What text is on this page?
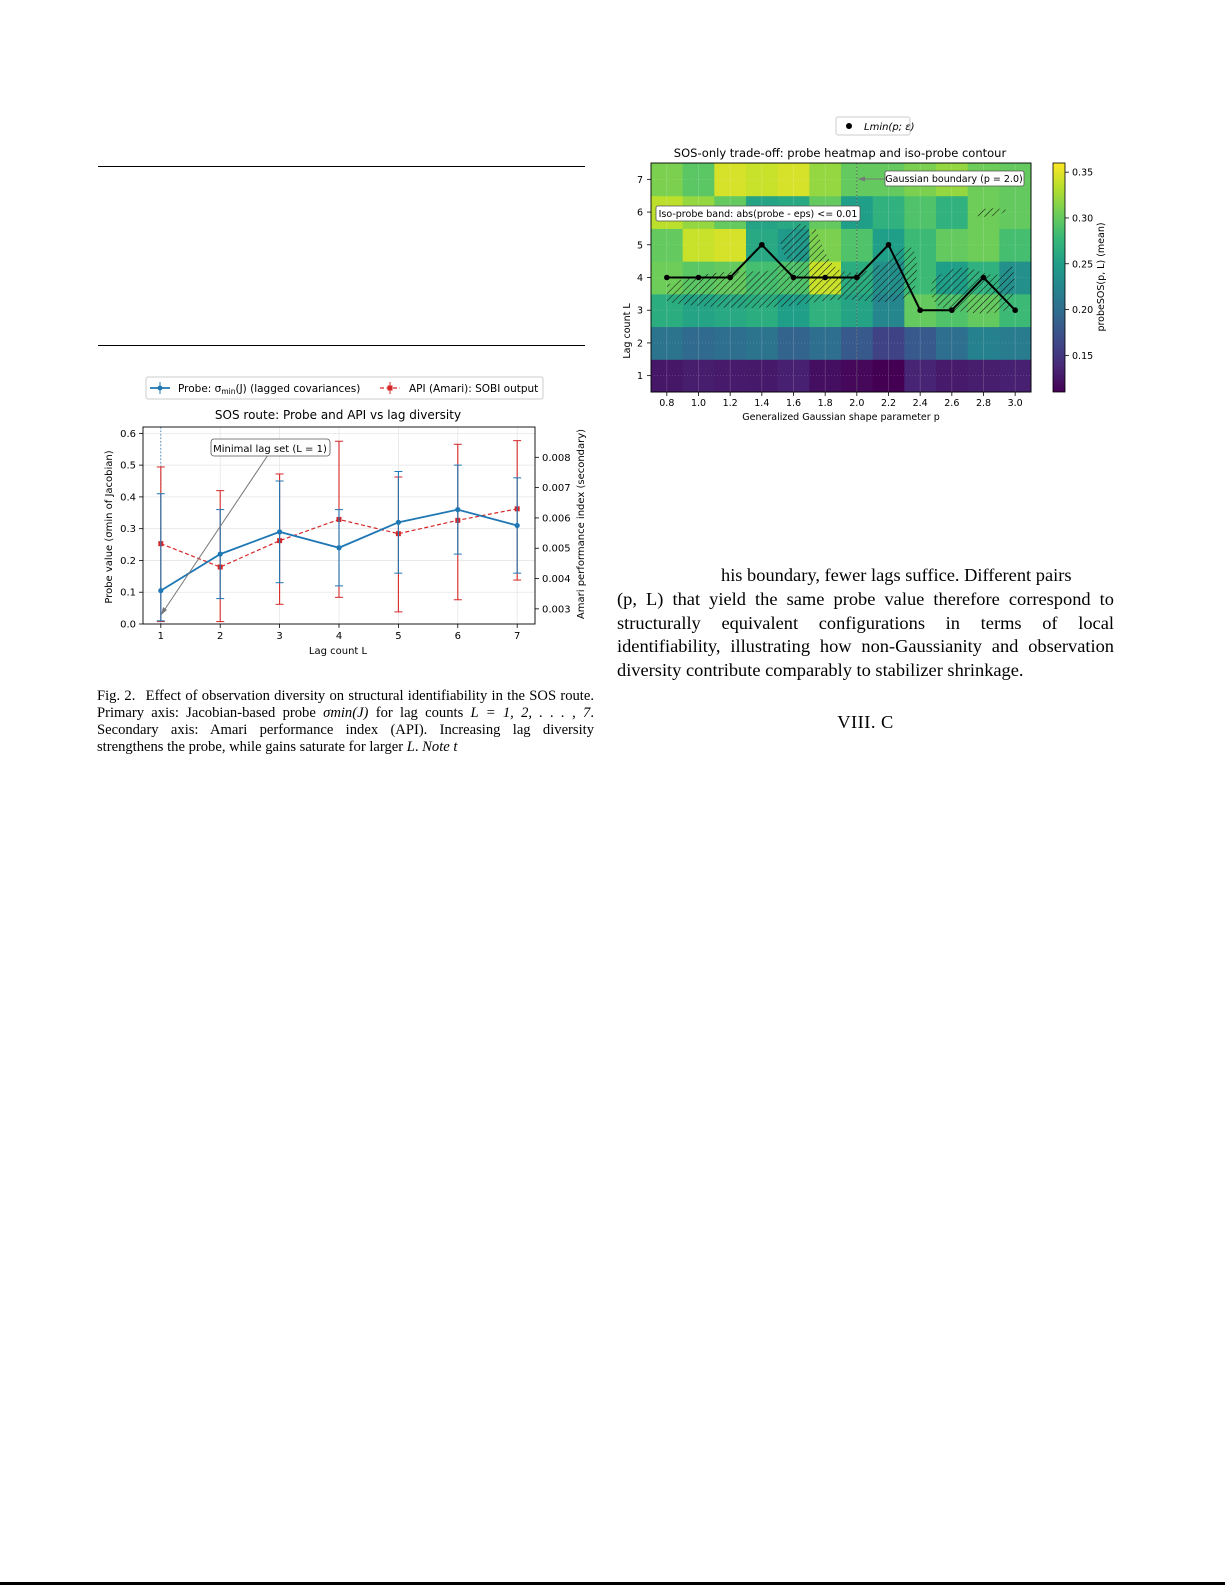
Probe: σmin(J) (lagged covariances)	API (Amari): SOBI output
SOS route: Probe and API vs lag diversity
0.0
0.1
0.2
0.3
0.4
0.5
0.6
0.003
0.004
0.005
0.006
0.007
0.008
1	2	3	4	5	6	7
Lag count L
Probe value (σmin of Jacobian)	Amari performance index (secondary)
Minimal lag set (L = 1)
Lmin(p; ε)
SOS-only trade-off: probe heatmap and iso-probe contour
0.8 1.0 1.2 1.4 1.6 1.8 2.0 2.2 2.4 2.6 2.8 3.0
1
2
3
4
5
6
7
0.15
0.20
0.25
0.30
0.35
Generalized Gaussian shape parameter p
Lag count L	probeSOS(p, L) (mean)
Gaussian boundary (p = 2.0)
Iso-probe band: abs(probe - eps) <= 0.01
Fig. 2. Effect of observation diversity on structural identifiability in the SOS route. Primary axis: Jacobian-based probe σmin(J) for lag counts L = 1, 2, . . . , 7. Secondary axis: Amari performance index (API). Increasing lag diversity strengthens the probe, while gains saturate for larger L. Note t

his boundary, fewer lags suffice. Different pairs

(p, L) that yield the same probe value therefore correspond to structurally equivalent configurations in terms of local identifiability, illustrating how non-Gaussianity and observation diversity contribute comparably to stabilizer shrinkage.

VIII. C
